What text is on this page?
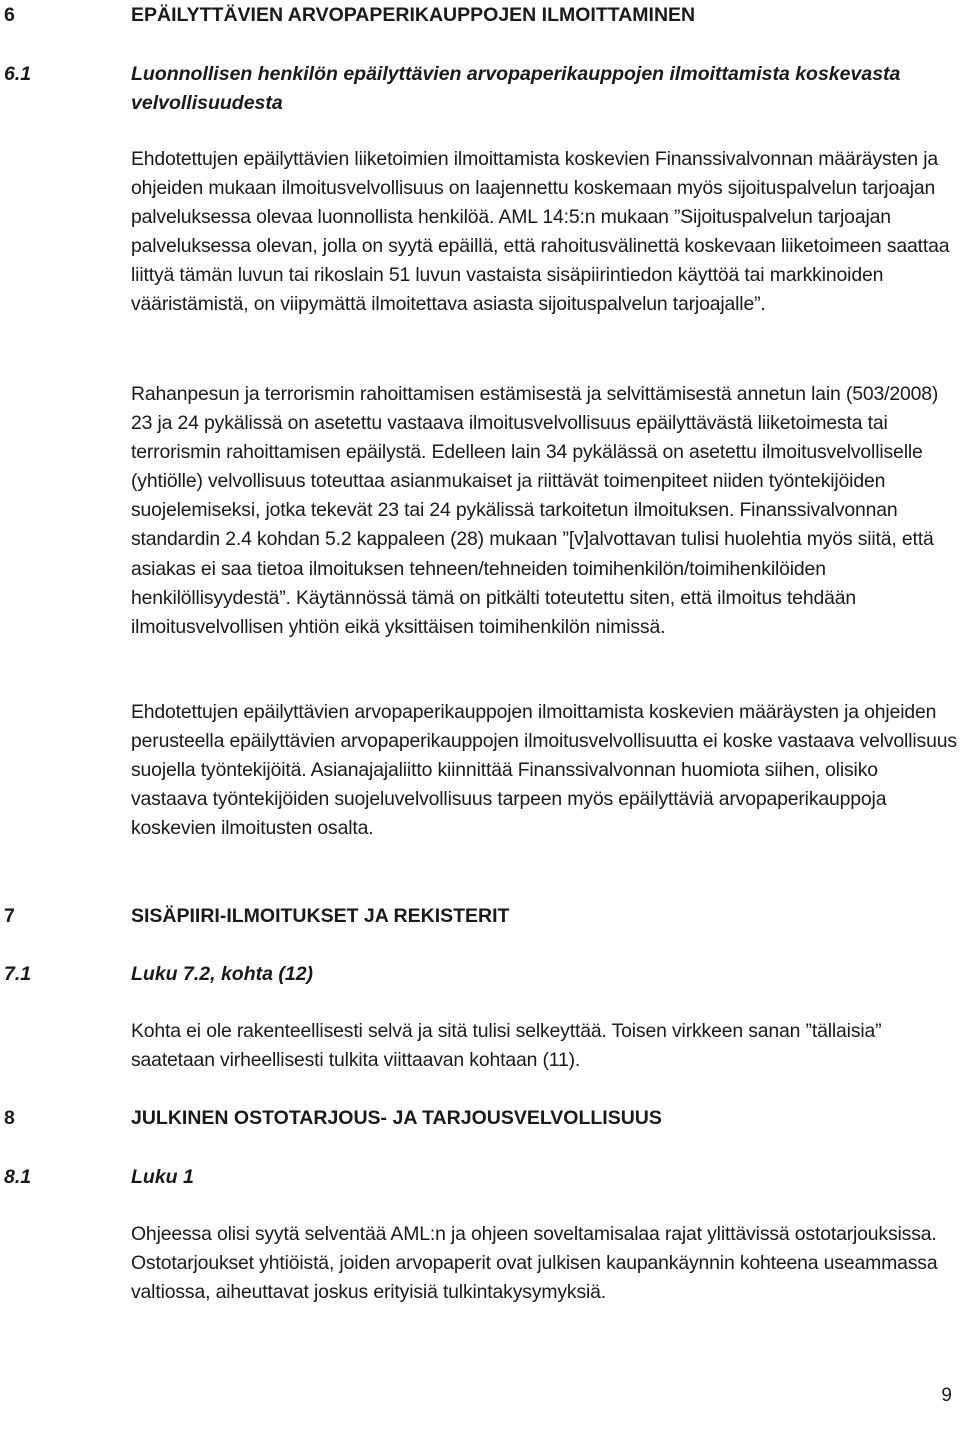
6	EPÄILYTTÄVIEN ARVOPAPERIKAUPPOJEN ILMOITTAMINEN
6.1	Luonnollisen henkilön epäilyttävien arvopaperikauppojen ilmoittamista koskevasta velvollisuudesta

Ehdotettujen epäilyttävien liiketoimien ilmoittamista koskevien Finanssivalvonnan määräysten ja ohjeiden mukaan ilmoitusvelvollisuus on laajennettu koskemaan myös sijoituspalvelun tarjoajan palveluksessa olevaa luonnollista henkilöä. AML 14:5:n mukaan ”Sijoituspalvelun tarjoajan palveluksessa olevan, jolla on syytä epäillä, että rahoitusvälinettä koskevaan liiketoimeen saattaa liittyä tämän luvun tai rikoslain 51 luvun vastaista sisäpiirintiedon käyttöä tai markkinoiden vääristämistä, on viipymättä ilmoitettava asiasta sijoituspalvelun tarjoajalle”.

Rahanpesun ja terrorismin rahoittamisen estämisestä ja selvittämisestä annetun lain (503/2008) 23 ja 24 pykälissä on asetettu vastaava ilmoitusvelvollisuus epäilyttävästä liiketoimesta tai terrorismin rahoittamisen epäilystä. Edelleen lain 34 pykälässä on asetettu ilmoitusvelvolliselle (yhtiölle) velvollisuus toteuttaa asianmukaiset ja riittävät toimenpiteet niiden työntekijöiden suojelemiseksi, jotka tekevät 23 tai 24 pykälissä tarkoitetun ilmoituksen. Finanssivalvonnan standardin 2.4 kohdan 5.2 kappaleen (28) mukaan ”[v]alvottavan tulisi huolehtia myös siitä, että asiakas ei saa tietoa ilmoituksen tehneen/tehneiden toimihenkilön/toimihenkilöiden henkilöllisyydestä”. Käytännössä tämä on pitkälti toteutettu siten, että ilmoitus tehdään ilmoitusvelvollisen yhtiön eikä yksittäisen toimihenkilön nimissä.

Ehdotettujen epäilyttävien arvopaperikauppojen ilmoittamista koskevien määräysten ja ohjeiden perusteella epäilyttävien arvopaperikauppojen ilmoitusvelvollisuutta ei koske vastaava velvollisuus suojella työntekijöitä. Asianajajaliitto kiinnittää Finanssivalvonnan huomiota siihen, olisiko vastaava työntekijöiden suojeluvelvollisuus tarpeen myös epäilyttäviä arvopaperikauppoja koskevien ilmoitusten osalta.

7	SISÄPIIRI-ILMOITUKSET JA REKISTERIT
7.1	Luku 7.2, kohta (12)

Kohta ei ole rakenteellisesti selvä ja sitä tulisi selkeyttää. Toisen virkkeen sanan ”tällaisia” saatetaan virheellisesti tulkita viittaavan kohtaan (11).

8	JULKINEN OSTOTARJOUS- JA TARJOUSVELVOLLISUUS
8.1	Luku 1

Ohjeessa olisi syytä selventää AML:n ja ohjeen soveltamisalaa rajat ylittävissä ostotarjouksissa. Ostotarjoukset yhtiöistä, joiden arvopaperit ovat julkisen kaupankäynnin kohteena useammassa valtiossa, aiheuttavat joskus erityisiä tulkintakysymyksiä.

9
